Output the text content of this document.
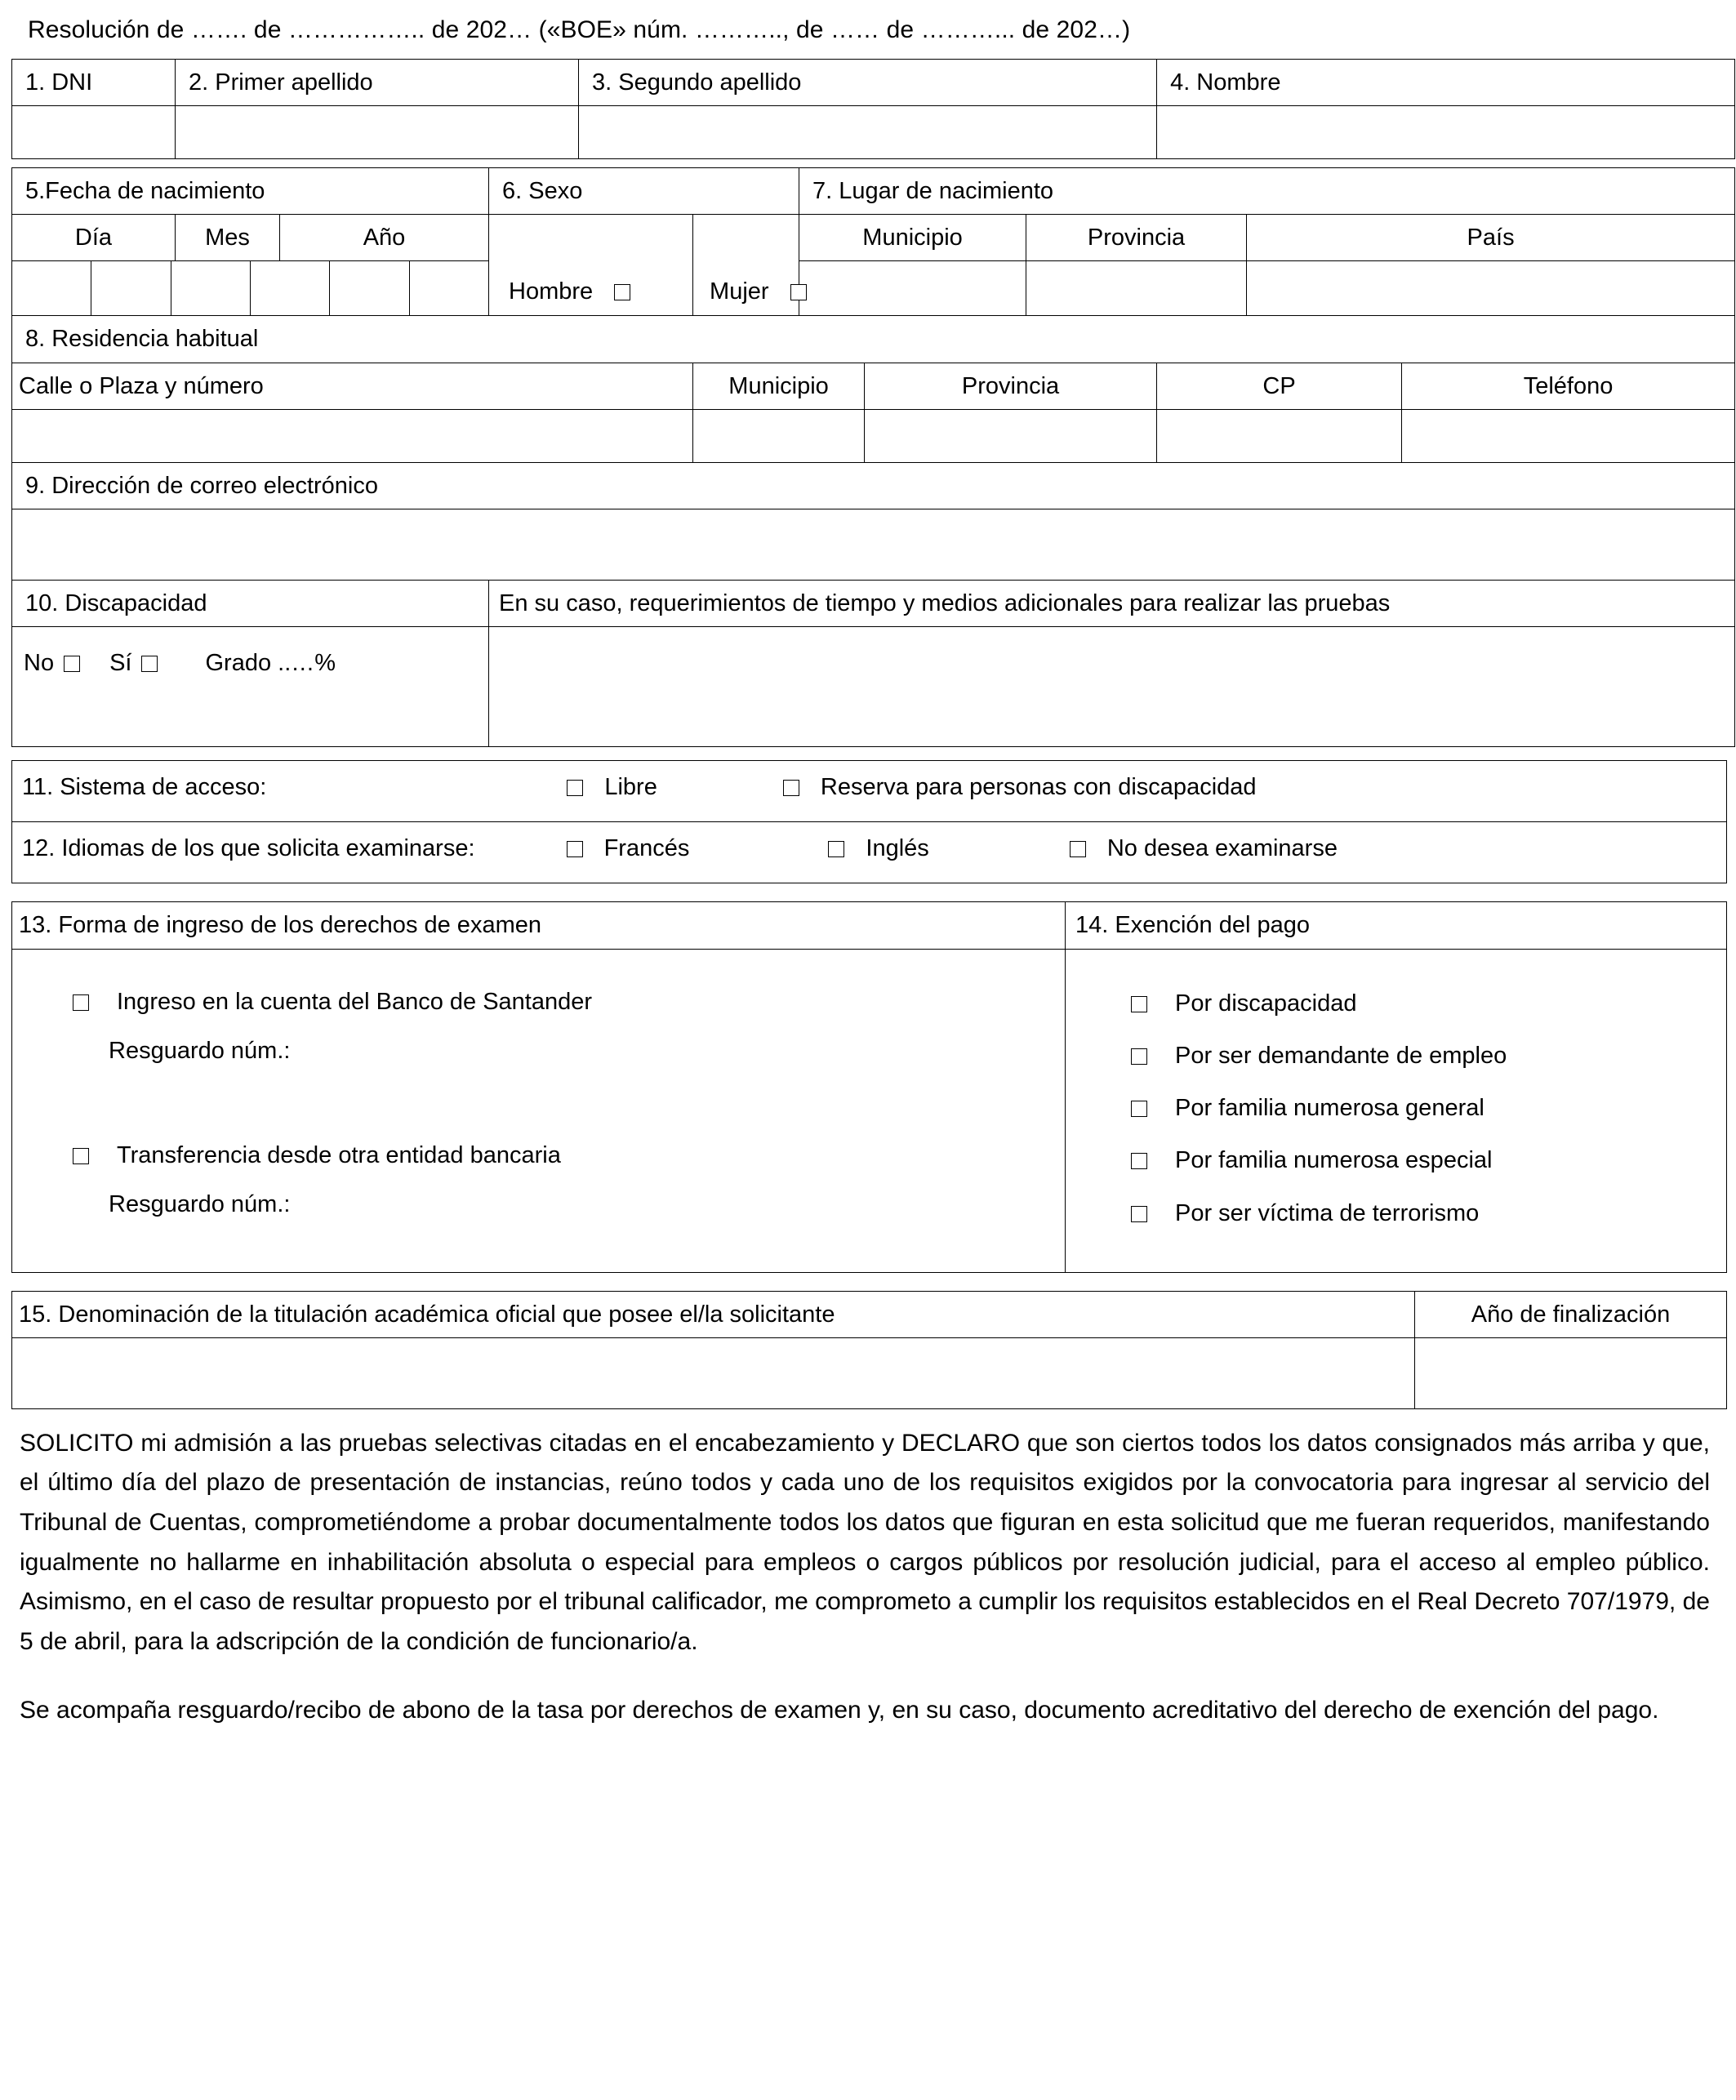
Resolución de ……. de …………….. de 202… («BOE» núm. ……….., de …… de ………... de 202…)
1. DNI	2. Primer apellido			3. Segundo apellido					4. Nombre		

5.Fecha de nacimiento			6. Sexo			7. Lugar de nacimiento					

Día	Mes	Año	Hombre		Mujer	Municipio		Provincia		País	

8. Residencia habitual											

Calle o Plaza y número					Municipio		Provincia		CP		Teléfono

9. Dirección de correo electrónico											

10. Discapacidad			En su caso, requerimientos de tiempo y medios adicionales para realizar las pruebas								

No Sí Grado ..…%											

11. Sistema de acceso:	Libre	Reserva para personas con discapacidad

12. Idiomas de los que solicita examinarse:	Francés	Inglés	No desea examinarse
13. Forma de ingreso de los derechos de examen	14. Exención del pago

Ingreso en la cuenta del Banco de Santander
Resguardo núm.:
Transferencia desde otra entidad bancaria
Resguardo núm.:

Por discapacidad
Por ser demandante de empleo
Por familia numerosa general
Por familia numerosa especial
Por ser víctima de terrorismo
15. Denominación de la titulación académica oficial que posee el/la solicitante	Año de finalización

SOLICITO mi admisión a las pruebas selectivas citadas en el encabezamiento y DECLARO que son ciertos todos los datos consignados más arriba y que, el último día del plazo de presentación de instancias, reúno todos y cada uno de los requisitos exigidos por la convocatoria para ingresar al servicio del Tribunal de Cuentas, comprometiéndome a probar documentalmente todos los datos que figuran en esta solicitud que me fueran requeridos, manifestando igualmente no hallarme en inhabilitación absoluta o especial para empleos o cargos públicos por resolución judicial, para el acceso al empleo público. Asimismo, en el caso de resultar propuesto por el tribunal calificador, me comprometo a cumplir los requisitos establecidos en el Real Decreto 707/1979, de 5 de abril, para la adscripción de la condición de funcionario/a.
Se acompaña resguardo/recibo de abono de la tasa por derechos de examen y, en su caso, documento acreditativo del derecho de exención del pago.
